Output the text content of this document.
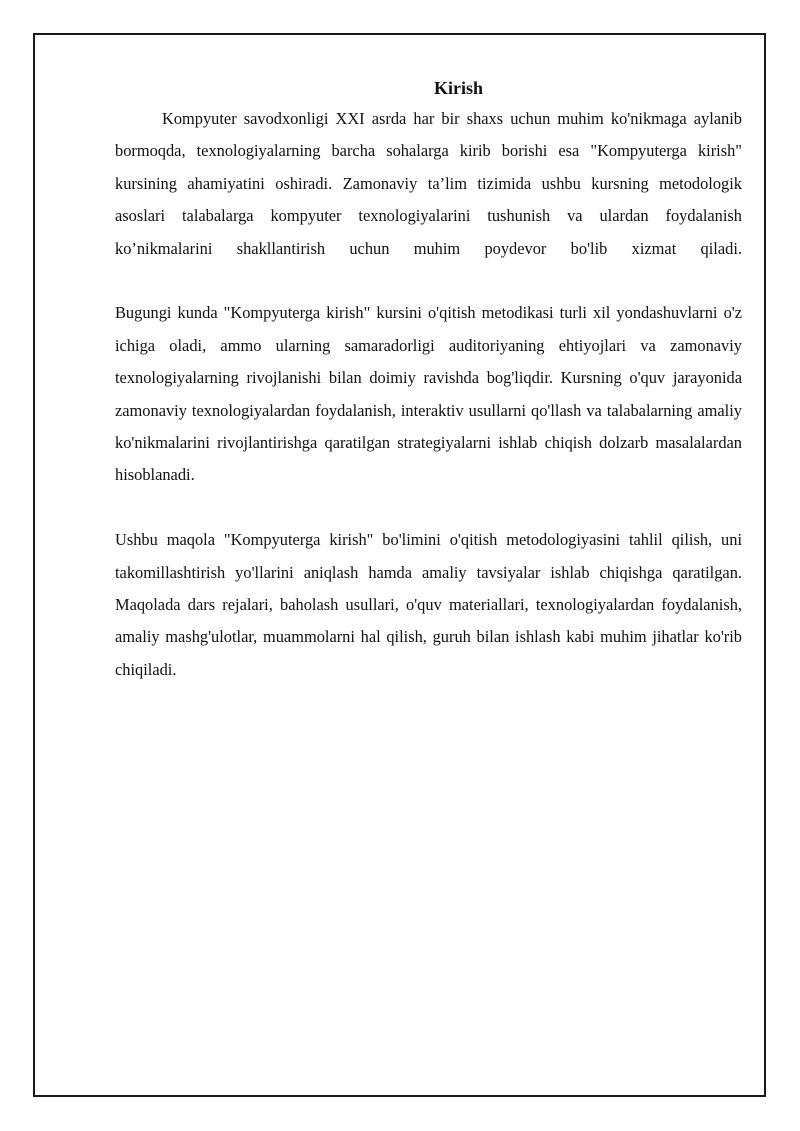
Kirish

Kompyuter savodxonligi XXI asrda har bir shaxs uchun muhim ko'nikmaga aylanib bormoqda, texnologiyalarning barcha sohalarga kirib borishi esa "Kompyuterga kirish" kursining ahamiyatini oshiradi. Zamonaviy ta’lim tizimida ushbu kursning metodologik asoslari talabalarga kompyuter texnologiyalarini tushunish va ulardan foydalanish ko’nikmalarini shakllantirish uchun muhim poydevor bo'lib xizmat qiladi.

Bugungi kunda "Kompyuterga kirish" kursini o'qitish metodikasi turli xil yondashuvlarni o'z ichiga oladi, ammo ularning samaradorligi auditoriyaning ehtiyojlari va zamonaviy texnologiyalarning rivojlanishi bilan doimiy ravishda bog'liqdir. Kursning o'quv jarayonida zamonaviy texnologiyalardan foydalanish, interaktiv usullarni qo'llash va talabalarning amaliy ko'nikmalarini rivojlantirishga qaratilgan strategiyalarni ishlab chiqish dolzarb masalalardan hisoblanadi.

Ushbu maqola "Kompyuterga kirish" bo'limini o'qitish metodologiyasini tahlil qilish, uni takomillashtirish yo'llarini aniqlash hamda amaliy tavsiyalar ishlab chiqishga qaratilgan. Maqolada dars rejalari, baholash usullari, o'quv materiallari, texnologiyalardan foydalanish, amaliy mashg'ulotlar, muammolarni hal qilish, guruh bilan ishlash kabi muhim jihatlar ko'rib chiqiladi.
